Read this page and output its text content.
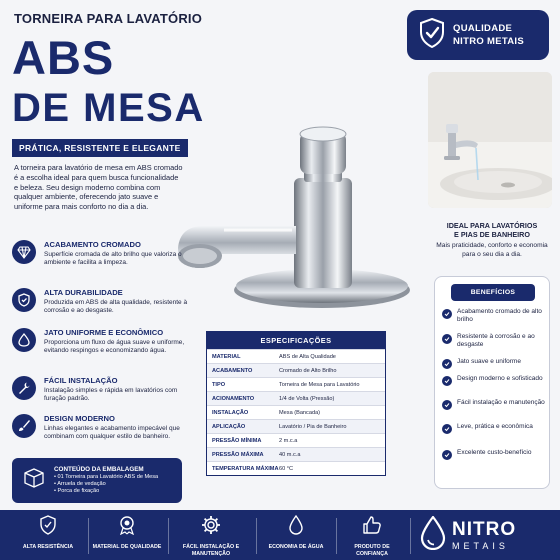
TORNEIRA PARA LAVATÓRIO
ABS
DE MESA
PRÁTICA, RESISTENTE E ELEGANTE
A torneira para lavatório de mesa em ABS cromado é a escolha ideal para quem busca funcionalidade e beleza. Seu design moderno combina com qualquer ambiente, oferecendo jato suave e uniforme para mais conforto no dia a dia.
QUALIDADE
NITRO METAIS
IDEAL PARA LAVATÓRIOS
E PIAS DE BANHEIRO
Mais praticidade, conforto e economia para o seu dia a dia.
ACABAMENTO CROMADO
Superfície cromada de alto brilho que valoriza o ambiente e facilita a limpeza.
ALTA DURABILIDADE
Produzida em ABS de alta qualidade, resistente à corrosão e ao desgaste.
JATO UNIFORME E ECONÔMICO
Proporciona um fluxo de água suave e uniforme, evitando respingos e economizando água.
FÁCIL INSTALAÇÃO
Instalação simples e rápida em lavatórios com furação padrão.
DESIGN MODERNO
Linhas elegantes e acabamento impecável que combinam com qualquer estilo de banheiro.
CONTEÚDO DA EMBALAGEM
• 01 Torneira para Lavatório ABS de Mesa
• Arruela de vedação
• Porca de fixação
ESPECIFICAÇÕES
MATERIAL	ABS de Alta Qualidade
ACABAMENTO	Cromado de Alto Brilho
TIPO	Torneira de Mesa para Lavatório
ACIONAMENTO	1/4 de Volta (Pressão)
INSTALAÇÃO	Mesa (Bancada)
APLICAÇÃO	Lavatório / Pia de Banheiro
PRESSÃO MÍNIMA	2 m.c.a
PRESSÃO MÁXIMA	40 m.c.a
TEMPERATURA MÁXIMA 60 °C
BENEFÍCIOS
Acabamento cromado de alto brilho
Resistente à corrosão e ao desgaste
Jato suave e uniforme
Design moderno e sofisticado
Fácil instalação e manutenção
Leve, prática e econômica
Excelente custo-benefício
ALTA RESISTÊNCIA	MATERIAL DE QUALIDADE	FÁCIL INSTALAÇÃO E MANUTENÇÃO
ECONOMIA DE ÁGUA	PRODUTO DE CONFIANÇA
NITRO
METAIS
